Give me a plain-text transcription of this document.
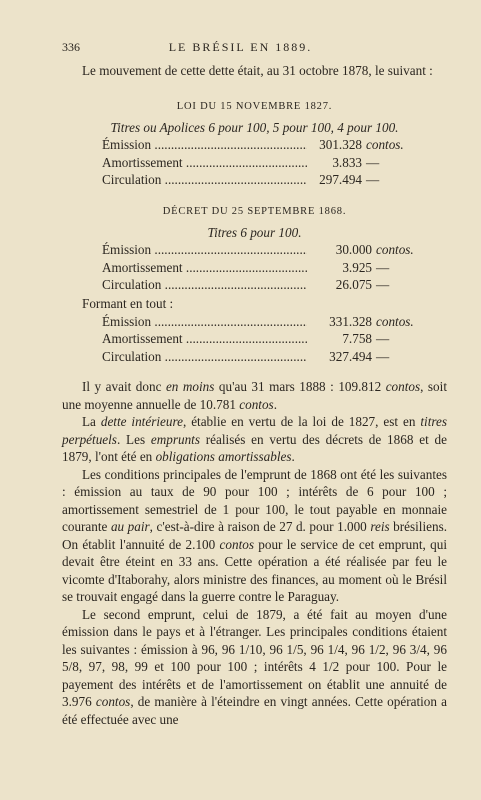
336	LE BRÉSIL EN 1889.

Le mouvement de cette dette était, au 31 octobre 1878, le suivant :

LOI DU 15 NOVEMBRE 1827.
Titres ou Apolices 6 pour 100, 5 pour 100, 4 pour 100.
Émission .....	301.328 contos.
Amortissement .....	3.833 —
Circulation .....	297.494 —
DÉCRET DU 25 SEPTEMBRE 1868.
Titres 6 pour 100.
Émission .....	30.000 contos.
Amortissement .....	3.925 —
Circulation .....	26.075 —
Formant en tout :
Émission .....	331.328 contos.
Amortissement .....	7.758 —
Circulation .....	327.494 —

Il y avait donc en moins qu'au 31 mars 1888 : 109.812 contos, soit une moyenne annuelle de 10.781 contos.

La dette intérieure, établie en vertu de la loi de 1827, est en titres perpétuels. Les emprunts réalisés en vertu des décrets de 1868 et de 1879, l'ont été en obligations amortissables.

Les conditions principales de l'emprunt de 1868 ont été les suivantes : émission au taux de 90 pour 100 ; intérêts de 6 pour 100 ; amortissement semestriel de 1 pour 100, le tout payable en monnaie courante au pair, c'est-à-dire à raison de 27 d. pour 1.000 reis brésiliens. On établit l'annuité de 2.100 contos pour le service de cet emprunt, qui devait être éteint en 33 ans. Cette opération a été réalisée par feu le vicomte d'Itaborahy, alors ministre des finances, au moment où le Brésil se trouvait engagé dans la guerre contre le Paraguay.

Le second emprunt, celui de 1879, a été fait au moyen d'une émission dans le pays et à l'étranger. Les principales conditions étaient les suivantes : émission à 96, 96 1/10, 96 1/5, 96 1/4, 96 1/2, 96 3/4, 96 5/8, 97, 98, 99 et 100 pour 100 ; intérêts 4 1/2 pour 100. Pour le payement des intérêts et de l'amortissement on établit une annuité de 3.976 contos, de manière à l'éteindre en vingt années. Cette opération a été effectuée avec une
